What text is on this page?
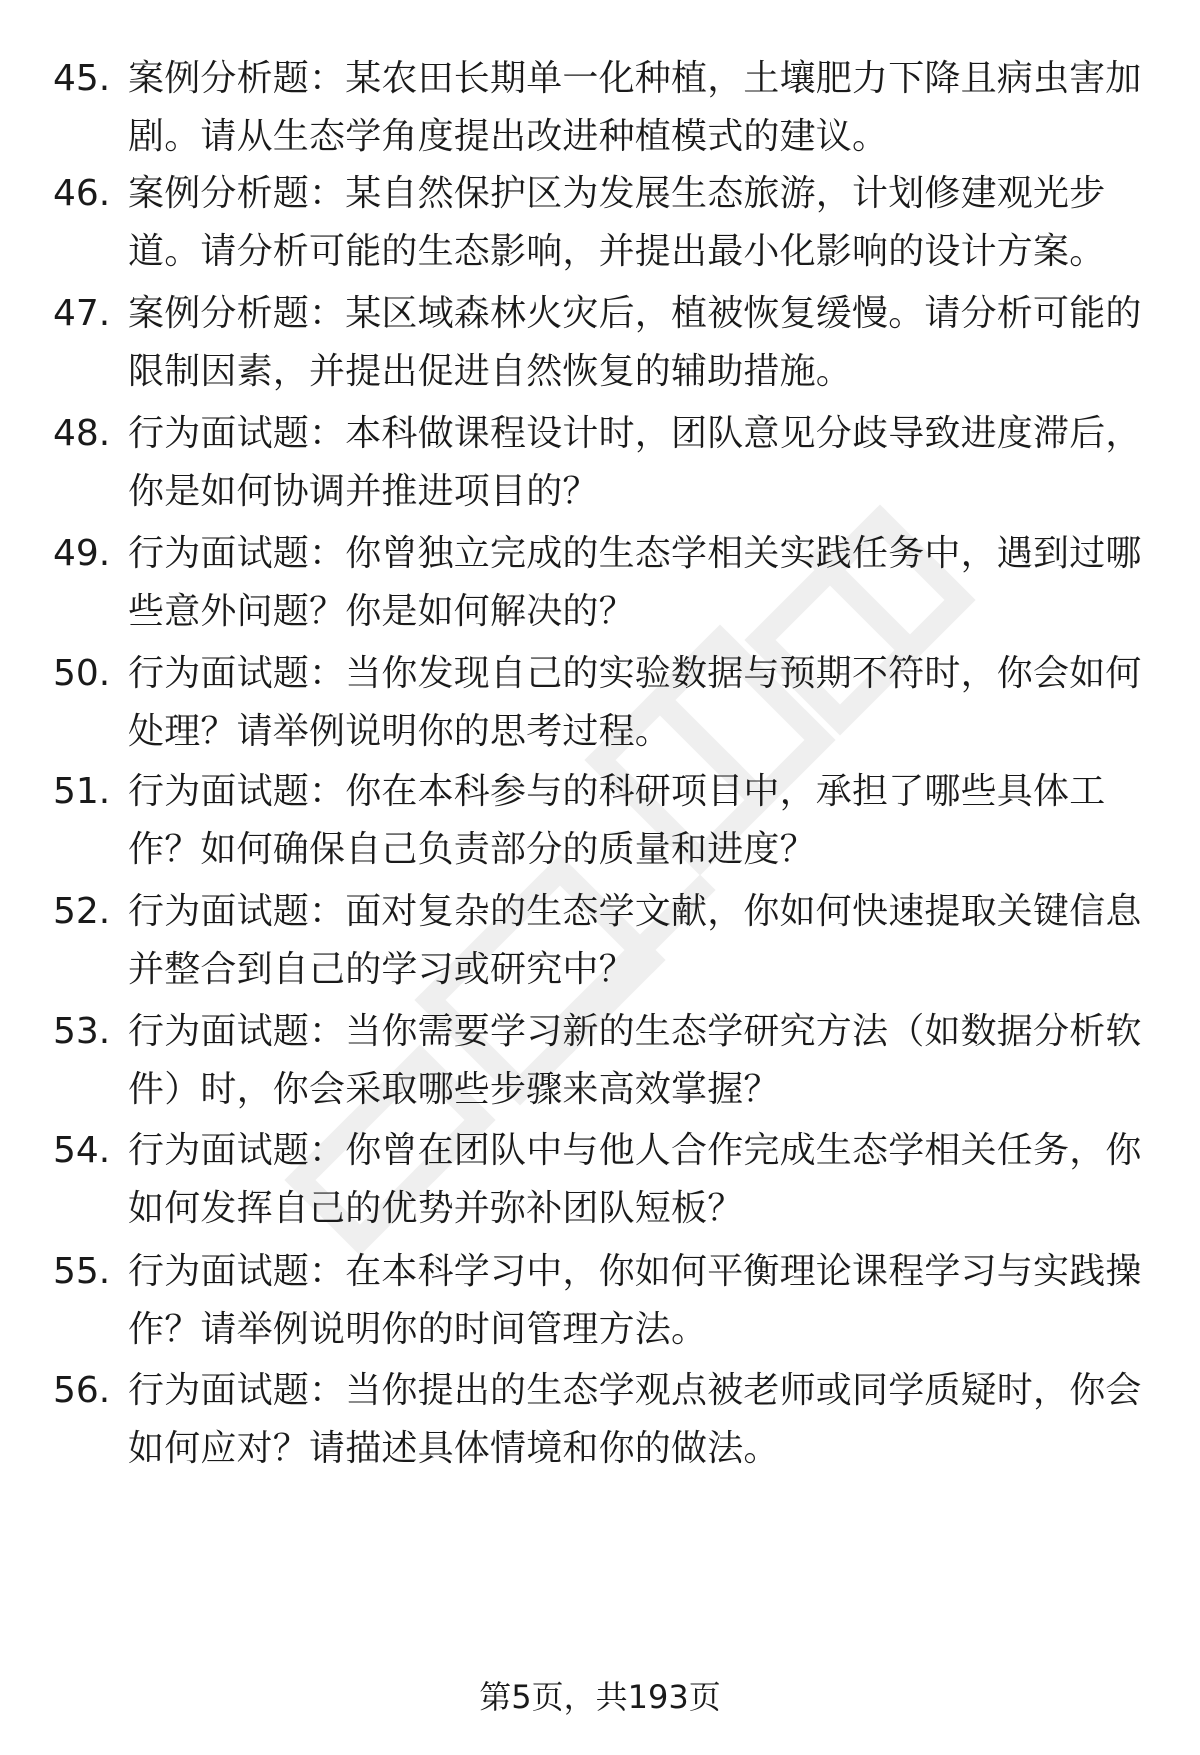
45. 案例分析题：某农田长期单一化种植，土壤肥力下降且病虫害加
剧。请从生态学角度提出改进种植模式的建议。
46. 案例分析题：某自然保护区为发展生态旅游，计划修建观光步
道。请分析可能的生态影响，并提出最小化影响的设计方案。
47. 案例分析题：某区域森林火灾后，植被恢复缓慢。请分析可能的
限制因素，并提出促进自然恢复的辅助措施。
48. 行为面试题：本科做课程设计时，团队意见分歧导致进度滞后，
你是如何协调并推进项目的？
49. 行为面试题：你曾独立完成的生态学相关实践任务中，遇到过哪
些意外问题？你是如何解决的？
50. 行为面试题：当你发现自己的实验数据与预期不符时，你会如何
处理？请举例说明你的思考过程。
51. 行为面试题：你在本科参与的科研项目中，承担了哪些具体工
作？如何确保自己负责部分的质量和进度？
52. 行为面试题：面对复杂的生态学文献，你如何快速提取关键信息
并整合到自己的学习或研究中？
53. 行为面试题：当你需要学习新的生态学研究方法（如数据分析软
件）时，你会采取哪些步骤来高效掌握？
54. 行为面试题：你曾在团队中与他人合作完成生态学相关任务，你
如何发挥自己的优势并弥补团队短板？
55. 行为面试题：在本科学习中，你如何平衡理论课程学习与实践操
作？请举例说明你的时间管理方法。
56. 行为面试题：当你提出的生态学观点被老师或同学质疑时，你会
如何应对？请描述具体情境和你的做法。
第5页，共193页
